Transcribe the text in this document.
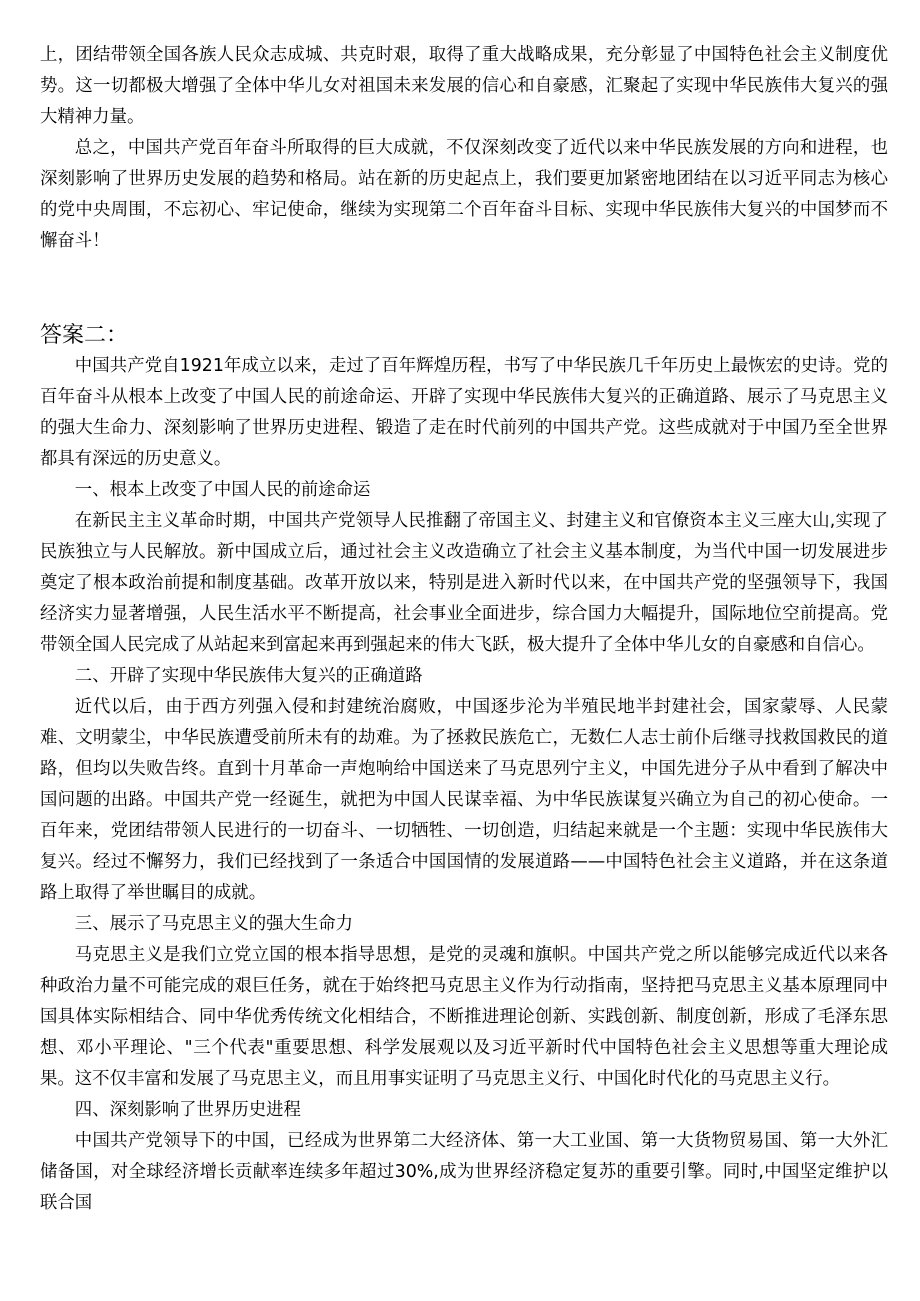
上，团结带领全国各族人民众志成城、共克时艰，取得了重大战略成果，充分彰显了中国特色社会主义制度优势。这一切都极大增强了全体中华儿女对祖国未来发展的信心和自豪感，汇聚起了实现中华民族伟大复兴的强大精神力量。

总之，中国共产党百年奋斗所取得的巨大成就，不仅深刻改变了近代以来中华民族发展的方向和进程，也深刻影响了世界历史发展的趋势和格局。站在新的历史起点上，我们要更加紧密地团结在以习近平同志为核心的党中央周围，不忘初心、牢记使命，继续为实现第二个百年奋斗目标、实现中华民族伟大复兴的中国梦而不懈奋斗！

答案二：

中国共产党自1921年成立以来，走过了百年辉煌历程，书写了中华民族几千年历史上最恢宏的史诗。党的百年奋斗从根本上改变了中国人民的前途命运、开辟了实现中华民族伟大复兴的正确道路、展示了马克思主义的强大生命力、深刻影响了世界历史进程、锻造了走在时代前列的中国共产党。这些成就对于中国乃至全世界都具有深远的历史意义。

一、根本上改变了中国人民的前途命运

在新民主主义革命时期，中国共产党领导人民推翻了帝国主义、封建主义和官僚资本主义三座大山,实现了民族独立与人民解放。新中国成立后，通过社会主义改造确立了社会主义基本制度，为当代中国一切发展进步奠定了根本政治前提和制度基础。改革开放以来，特别是进入新时代以来，在中国共产党的坚强领导下，我国经济实力显著增强，人民生活水平不断提高，社会事业全面进步，综合国力大幅提升，国际地位空前提高。党带领全国人民完成了从站起来到富起来再到强起来的伟大飞跃，极大提升了全体中华儿女的自豪感和自信心。

二、开辟了实现中华民族伟大复兴的正确道路

近代以后，由于西方列强入侵和封建统治腐败，中国逐步沦为半殖民地半封建社会，国家蒙辱、人民蒙难、文明蒙尘，中华民族遭受前所未有的劫难。为了拯救民族危亡，无数仁人志士前仆后继寻找救国救民的道路，但均以失败告终。直到十月革命一声炮响给中国送来了马克思列宁主义，中国先进分子从中看到了解决中国问题的出路。中国共产党一经诞生，就把为中国人民谋幸福、为中华民族谋复兴确立为自己的初心使命。一百年来，党团结带领人民进行的一切奋斗、一切牺牲、一切创造，归结起来就是一个主题：实现中华民族伟大复兴。经过不懈努力，我们已经找到了一条适合中国国情的发展道路——中国特色社会主义道路，并在这条道路上取得了举世瞩目的成就。

三、展示了马克思主义的强大生命力

马克思主义是我们立党立国的根本指导思想，是党的灵魂和旗帜。中国共产党之所以能够完成近代以来各种政治力量不可能完成的艰巨任务，就在于始终把马克思主义作为行动指南，坚持把马克思主义基本原理同中国具体实际相结合、同中华优秀传统文化相结合，不断推进理论创新、实践创新、制度创新，形成了毛泽东思想、邓小平理论、"三个代表"重要思想、科学发展观以及习近平新时代中国特色社会主义思想等重大理论成果。这不仅丰富和发展了马克思主义，而且用事实证明了马克思主义行、中国化时代化的马克思主义行。

四、深刻影响了世界历史进程

中国共产党领导下的中国，已经成为世界第二大经济体、第一大工业国、第一大货物贸易国、第一大外汇储备国，对全球经济增长贡献率连续多年超过30%,成为世界经济稳定复苏的重要引擎。同时,中国坚定维护以联合国
